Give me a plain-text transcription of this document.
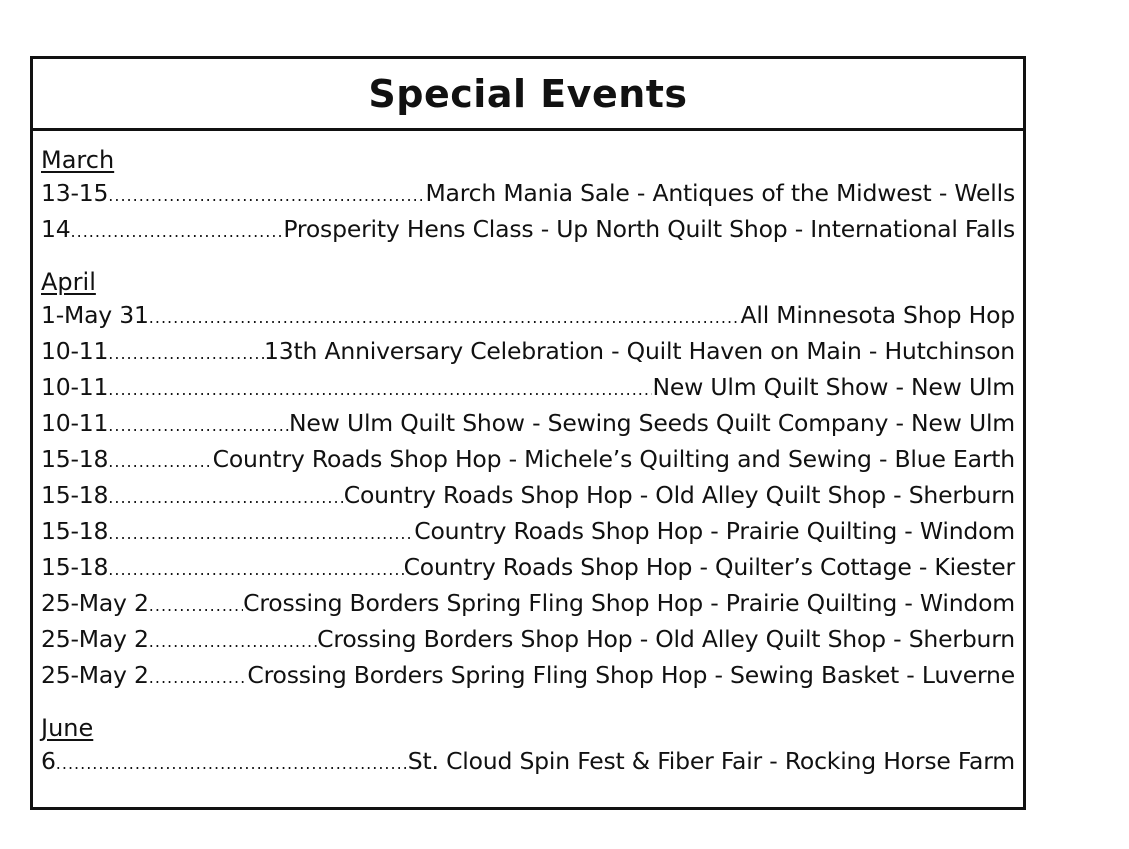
Special Events
March
13-15 .....	March Mania Sale - Antiques of the Midwest - Wells
14 .....	Prosperity Hens Class - Up North Quilt Shop - International Falls
April
1-May 31 .....	All Minnesota Shop Hop
10-11 .....	13th Anniversary Celebration - Quilt Haven on Main - Hutchinson
10-11 .....	New Ulm Quilt Show - New Ulm
10-11 .....	New Ulm Quilt Show - Sewing Seeds Quilt Company - New Ulm
15-18 .....	Country Roads Shop Hop - Michele’s Quilting and Sewing - Blue Earth
15-18 .....	Country Roads Shop Hop - Old Alley Quilt Shop - Sherburn
15-18 .....	Country Roads Shop Hop - Prairie Quilting - Windom
15-18 .....	Country Roads Shop Hop - Quilter’s Cottage - Kiester
25-May 2 .....	Crossing Borders Spring Fling Shop Hop - Prairie Quilting - Windom
25-May 2 .....	Crossing Borders Shop Hop - Old Alley Quilt Shop - Sherburn
25-May 2 .....	Crossing Borders Spring Fling Shop Hop - Sewing Basket - Luverne
June
6 .....	St. Cloud Spin Fest & Fiber Fair - Rocking Horse Farm
